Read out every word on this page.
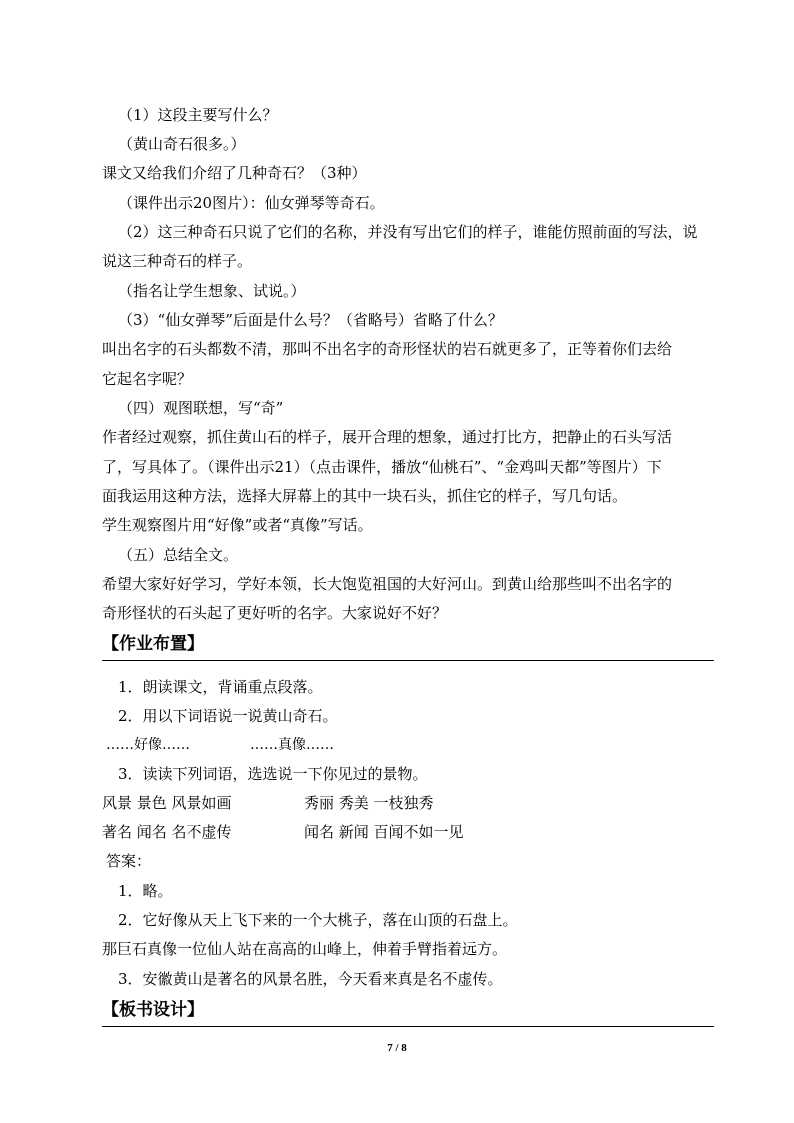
（1）这段主要写什么？
（黄山奇石很多。）
课文又给我们介绍了几种奇石？（3种）
（课件出示20图片）：仙女弹琴等奇石。
（2）这三种奇石只说了它们的名称，并没有写出它们的样子，谁能仿照前面的写法，说
说这三种奇石的样子。
（指名让学生想象、试说。）
（3）“仙女弹琴”后面是什么号？（省略号）省略了什么？
叫出名字的石头都数不清，那叫不出名字的奇形怪状的岩石就更多了，正等着你们去给
它起名字呢？
（四）观图联想，写“奇”
作者经过观察，抓住黄山石的样子，展开合理的想象，通过打比方，把静止的石头写活
了，写具体了。（课件出示21）（点击课件，播放“仙桃石”、“金鸡叫天都”等图片）下
面我运用这种方法，选择大屏幕上的其中一块石头，抓住它的样子，写几句话。
学生观察图片用“好像”或者“真像”写话。
（五）总结全文。
希望大家好好学习，学好本领，长大饱览祖国的大好河山。到黄山给那些叫不出名字的
奇形怪状的石头起了更好听的名字。大家说好不好？
【作业布置】
1．朗读课文，背诵重点段落。
2．用以下词语说一说黄山奇石。
……好像……	……真像……
3．读读下列词语，选选说一下你见过的景物。
风景 景色 风景如画	秀丽 秀美 一枝独秀
著名 闻名 名不虚传	闻名 新闻 百闻不如一见
答案：
1．略。
2．它好像从天上飞下来的一个大桃子，落在山顶的石盘上。
那巨石真像一位仙人站在高高的山峰上，伸着手臂指着远方。
3．安徽黄山是著名的风景名胜，今天看来真是名不虚传。
【板书设计】
7 / 8
